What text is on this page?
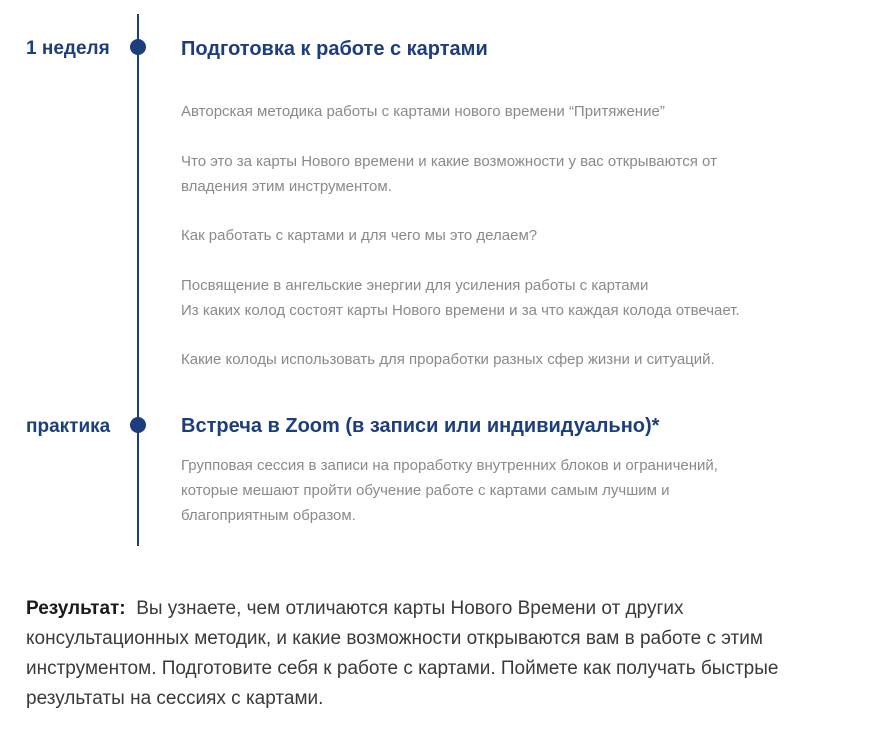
1 неделя	Подготовка к работе с картами

Авторская методика работы с картами нового времени “Притяжение”

Что это за карты Нового времени и какие возможности у вас открываются от владения этим инструментом.

Как работать с картами и для чего мы это делаем?

Посвящение в ангельские энергии для усиления работы с картами

Из каких колод состоят карты Нового времени и за что каждая колода отвечает.

Какие колоды использовать для проработки разных сфер жизни и ситуаций.

практика	Встреча в Zoom (в записи или индивидуально)*

Групповая сессия в записи на проработку внутренних блоков и ограничений, которые мешают пройти обучение работе с картами самым лучшим и благоприятным образом.

Результат: Вы узнаете, чем отличаются карты Нового Времени от других консультационных методик, и какие возможности открываются вам в работе с этим инструментом. Подготовите себя к работе с картами. Поймете как получать быстрые результаты на сессиях с картами.
